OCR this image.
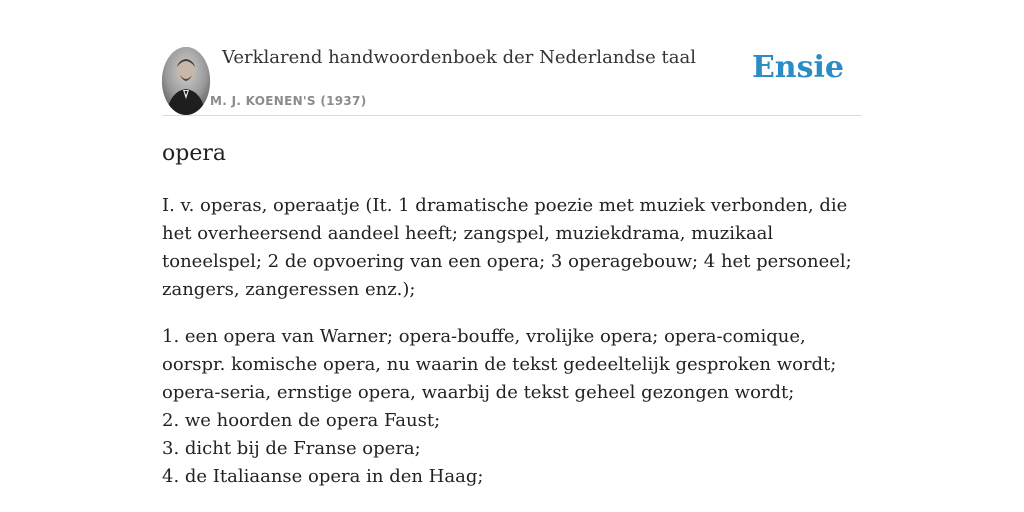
Verklarend handwoordenboek der Nederlandse taal
M. J. KOENEN'S (1937)
Ensie
opera

I. v. operas, operaatje (It. 1 dramatische poezie met muziek verbonden, die het overheersend aandeel heeft; zangspel, muziekdrama, muzikaal toneelspel; 2 de opvoering van een opera; 3 operagebouw; 4 het personeel; zangers, zangeressen enz.);

1. een opera van Warner; opera-bouffe, vrolijke opera; opera-comique, oorspr. komische opera, nu waarin de tekst gedeeltelijk gesproken wordt; opera-seria, ernstige opera, waarbij de tekst geheel gezongen wordt;
2. we hoorden de opera Faust;
3. dicht bij de Franse opera;
4. de Italiaanse opera in den Haag;
